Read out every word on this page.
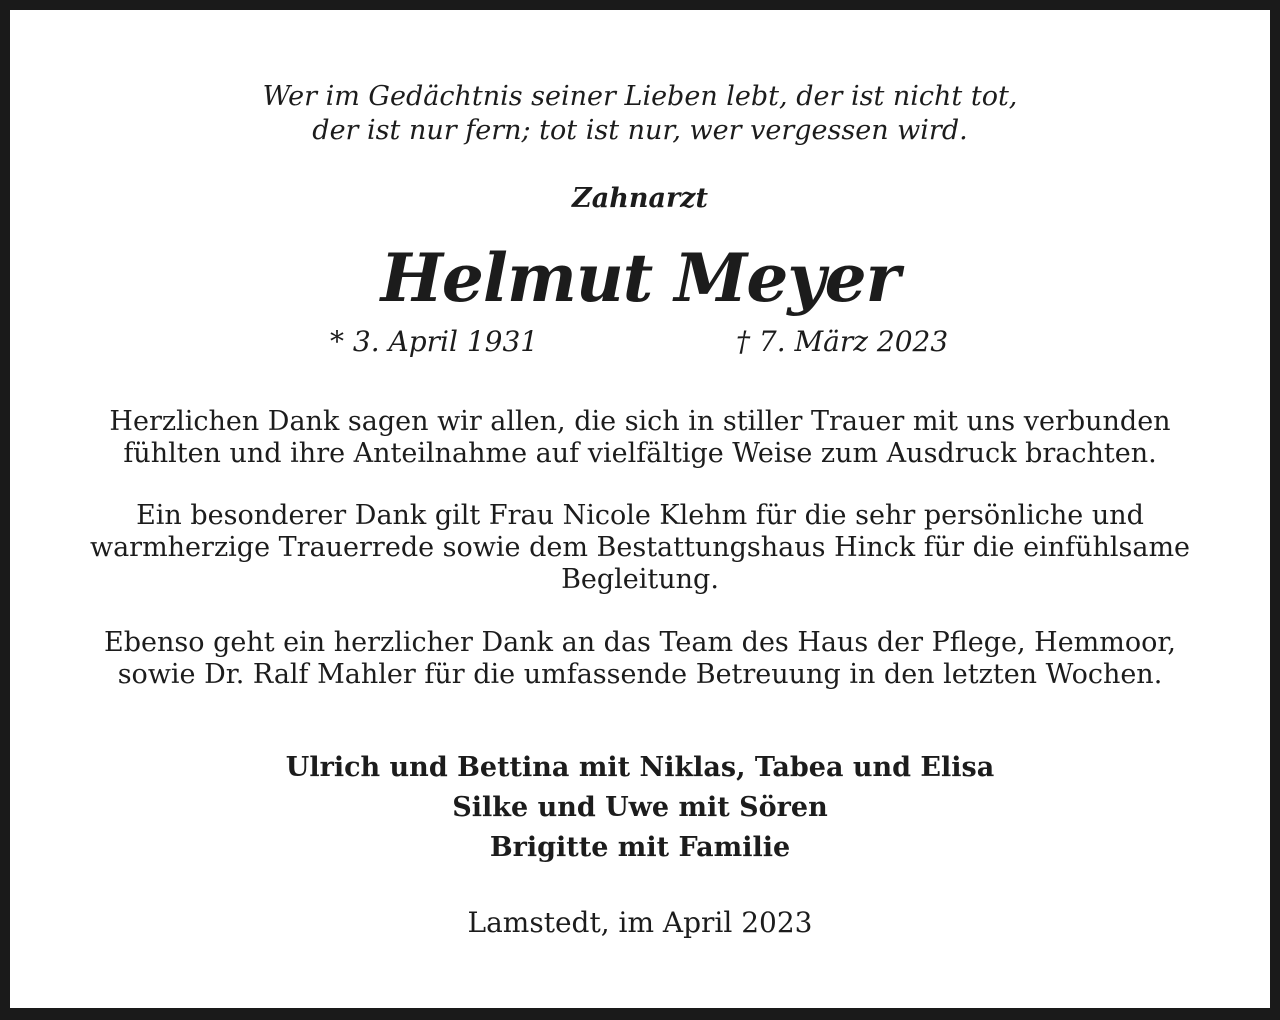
Wer im Gedächtnis seiner Lieben lebt, der ist nicht tot,
der ist nur fern; tot ist nur, wer vergessen wird.
Zahnarzt
Helmut Meyer
* 3. April 1931	† 7. März 2023
Herzlichen Dank sagen wir allen, die sich in stiller Trauer mit uns verbunden
fühlten und ihre Anteilnahme auf vielfältige Weise zum Ausdruck brachten.
Ein besonderer Dank gilt Frau Nicole Klehm für die sehr persönliche und
warmherzige Trauerrede sowie dem Bestattungshaus Hinck für die einfühlsame
Begleitung.
Ebenso geht ein herzlicher Dank an das Team des Haus der Pflege, Hemmoor,
sowie Dr. Ralf Mahler für die umfassende Betreuung in den letzten Wochen.
Ulrich und Bettina mit Niklas, Tabea und Elisa
Silke und Uwe mit Sören
Brigitte mit Familie
Lamstedt, im April 2023
